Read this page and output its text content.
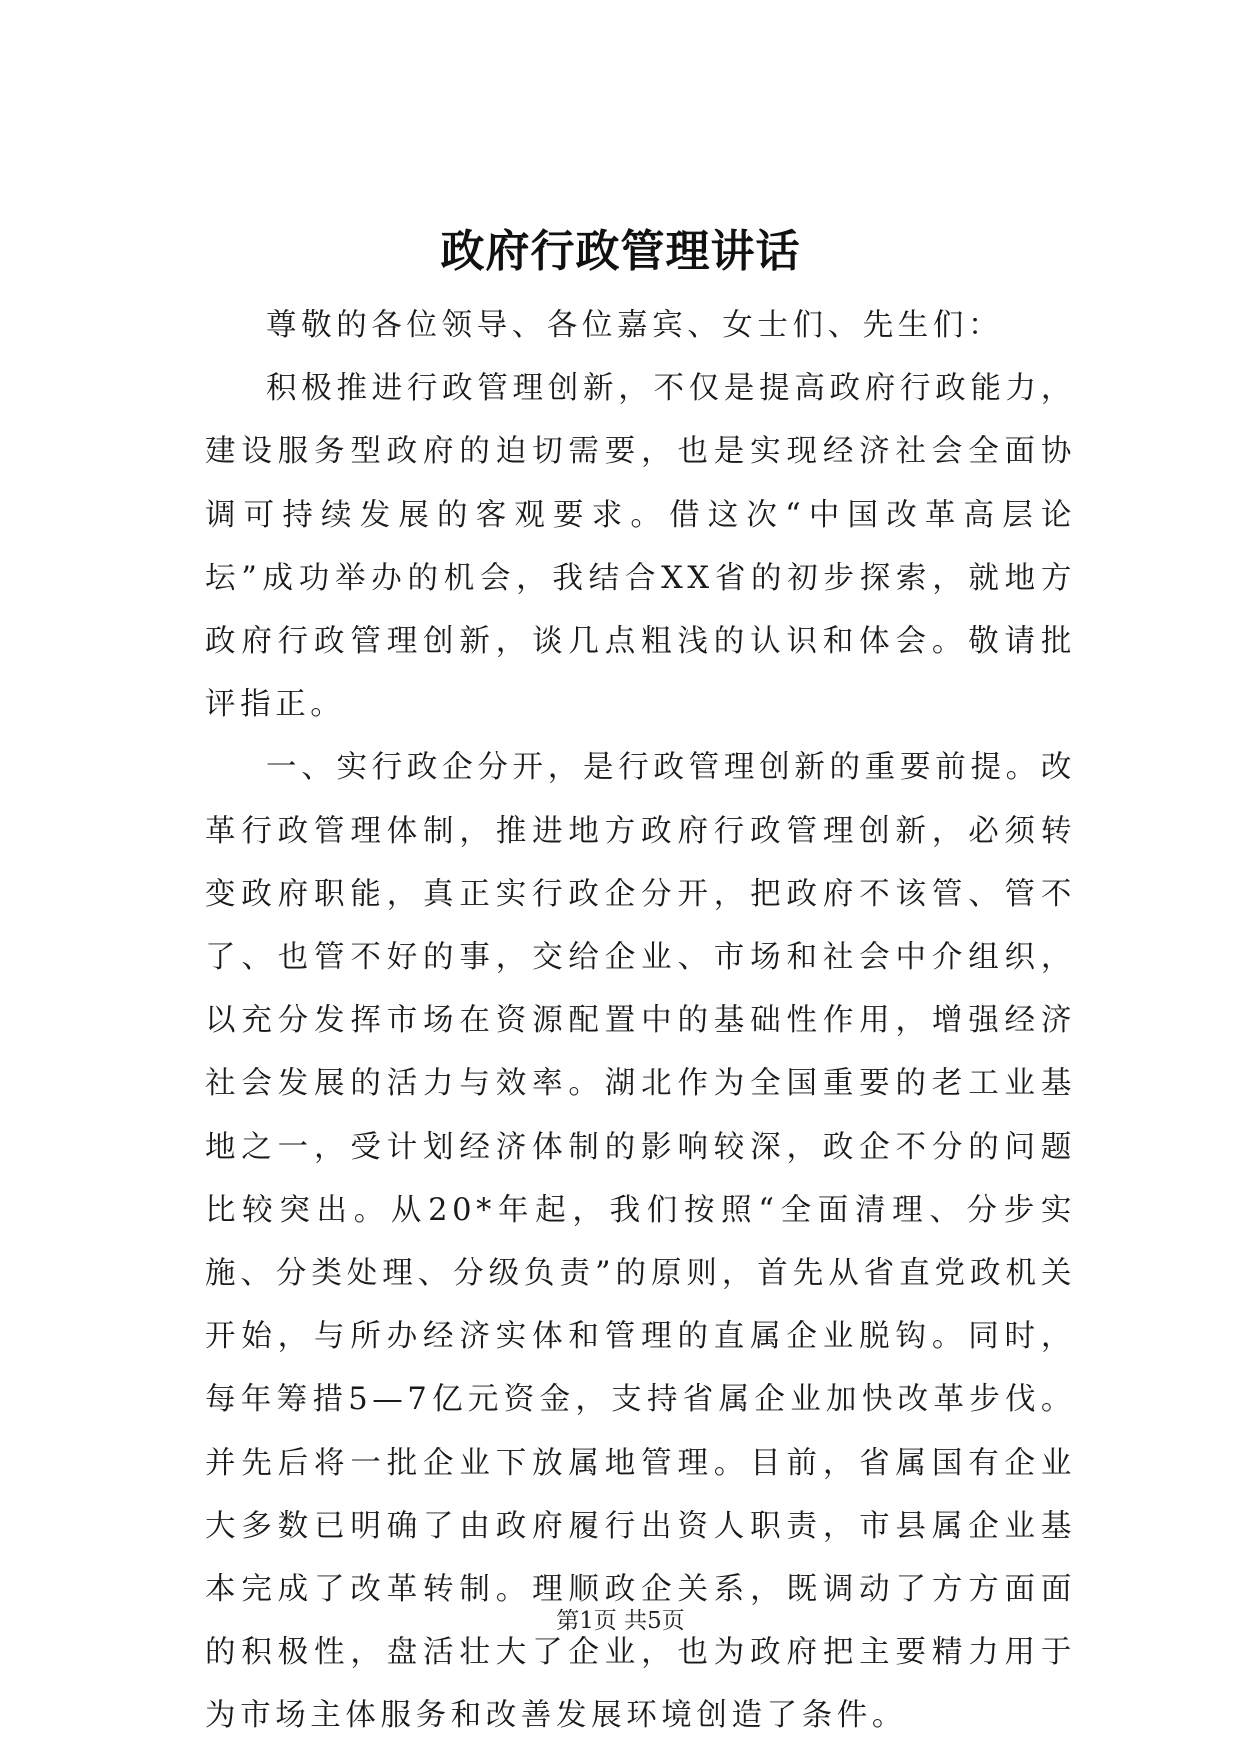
政府行政管理讲话

尊敬的各位领导、各位嘉宾、女士们、先生们：

积极推进行政管理创新，不仅是提高政府行政能力，建设服务型政府的迫切需要，也是实现经济社会全面协调可持续发展的客观要求。借这次“中国改革高层论坛”成功举办的机会，我结合XX省的初步探索，就地方政府行政管理创新，谈几点粗浅的认识和体会。敬请批评指正。

一、实行政企分开，是行政管理创新的重要前提。改革行政管理体制，推进地方政府行政管理创新，必须转变政府职能，真正实行政企分开，把政府不该管、管不了、也管不好的事，交给企业、市场和社会中介组织，以充分发挥市场在资源配置中的基础性作用，增强经济社会发展的活力与效率。湖北作为全国重要的老工业基地之一，受计划经济体制的影响较深，政企不分的问题比较突出。从20*年起，我们按照“全面清理、分步实施、分类处理、分级负责”的原则，首先从省直党政机关开始，与所办经济实体和管理的直属企业脱钩。同时，每年筹措5—7亿元资金，支持省属企业加快改革步伐。并先后将一批企业下放属地管理。目前，省属国有企业大多数已明确了由政府履行出资人职责，市县属企业基本完成了改革转制。理顺政企关系，既调动了方方面面的积极性，盘活壮大了企业，也为政府把主要精力用于为市场主体服务和改善发展环境创造了条件。

第1页 共5页
